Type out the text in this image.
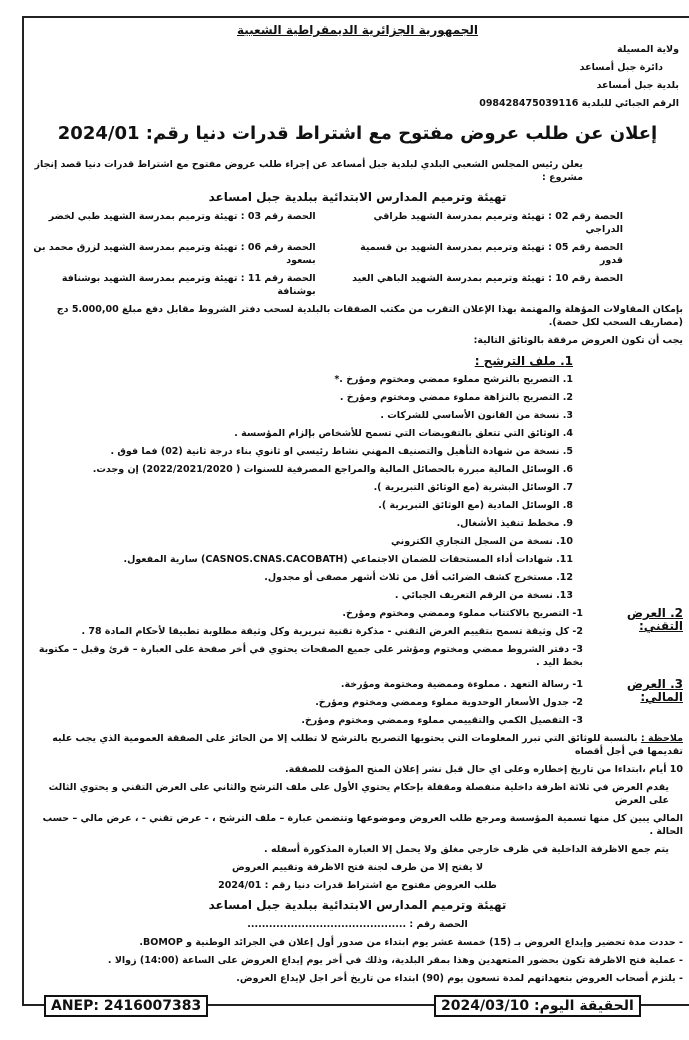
الجمهورية الجزائرية الديمقراطية الشعبية
ولاية المسيلة
دائرة جبل أمساعد
بلدية جبل أمساعد
الرقم الجبائي للبلدية 098428475039116
إعلان عن طلب عروض مفتوح مع اشتراط قدرات دنيا رقم: 2024/01
يعلن رئيس المجلس الشعبي البلدي لبلدية جبل أمساعد عن إجراء طلب عروض مفتوح مع اشتراط قدرات دنيا قصد إنجاز مشروع :
تهيئة وترميم المدارس الابتدائية ببلدية جبل امساعد
الحصة رقم 02 : تهيئة وترميم بمدرسة الشهيد طراقي الدراجي
الحصة رقم 03 : تهيئة وترميم بمدرسة الشهيد طبي لخضر
الحصة رقم 05 : تهيئة وترميم بمدرسة الشهيد بن قسمية قدور
الحصة رقم 06 : تهيئة وترميم بمدرسة الشهيد لزرق محمد بن بسعود
الحصة رقم 10 : تهيئة وترميم بمدرسة الشهيد الباهي العيد
الحصة رقم 11 : تهيئة وترميم بمدرسة الشهيد بوشنافة بوشنافة
بإمكان المقاولات المؤهلة والمهتمة بهذا الإعلان التقرب من مكتب الصفقات بالبلدية لسحب دفتر الشروط مقابل دفع مبلغ 5.000,00 دج (مصاريف السحب لكل حصة).
يجب أن تكون العروض مرفقة بالوثائق التالية:
1. ملف الترشح :
1. التصريح بالترشح مملوء ممضي ومختوم ومؤرخ .*
2. التصريح بالنزاهة مملوء ممضي ومختوم ومؤرخ .
3. نسخة من القانون الأساسي للشركات .
4. الوثائق التي تتعلق بالتفويضات التي تسمح للأشخاص بإلزام المؤسسة .
5. نسخة من شهادة التأهيل والتصنيف المهني نشاط رئيسي او ثانوي بناء درجة ثانية (02) فما فوق .
6. الوسائل المالية مبررة بالحصائل المالية والمراجع المصرفية للسنوات ( 2022/2021/2020) إن وجدت.
7. الوسائل البشرية (مع الوثائق التبريرية ).
8. الوسائل المادية (مع الوثائق التبريرية ).
9. مخطط تنفيذ الأشغال.
10. نسخة من السجل التجاري الكتروني
11. شهادات أداء المستحقات للضمان الاجتماعي (CASNOS.CNAS.CACOBATH) سارية المفعول.
12. مستخرج كشف الضرائب أقل من ثلاث أشهر مصفى أو مجدول.
13. نسخة من الرقم التعريف الجبائي .
2. العرض التقني:
1- التصريح بالاكتتاب مملوء وممضي ومختوم ومؤرخ.
2- كل وثيقة تسمح بتقييم العرض التقني - مذكرة تقنية تبريرية وكل وثيقة مطلوبة تطبيقا لأحكام المادة 78 .
3- دفتر الشروط ممضي ومختوم ومؤشر على جميع الصفحات يحتوي في أخر صفحة على العبارة – قرئ وقبل – مكتوبة بخط اليد .
3. العرض المالي:
1- رسالة التعهد . مملوءة وممضية ومختومة ومؤرخة.
2- جدول الأسعار الوحدوية مملوء وممضي ومختوم ومؤرخ.
3- التفصيل الكمي والتقييمي مملوء وممضي ومختوم ومؤرخ.
ملاحظة : بالنسبة للوثائق التي تبرر المعلومات التي يحتويها التصريح بالترشح لا تطلب إلا من الحائز على الصفقة العمومية الذي يجب عليه تقديمها في أجل أقصاه
10 أيام ،ابتداءا من تاريخ إخطاره وعلى اي حال قبل نشر إعلان المنح المؤقت للصفقة.
يقدم العرض في ثلاثة اظرفة داخلية منفصلة ومقفلة بإحكام يحتوي الأول على ملف الترشح والثاني على العرض التقني و يحتوي الثالث على العرض
المالي يبين كل منها تسمية المؤسسة ومرجع طلب العروض وموضوعها وتتضمن عبارة – ملف الترشح ، - عرض تقني - ، عرض مالي – حسب الحالة .
يتم جمع الاظرفة الداخلية في ظرف خارجي مغلق ولا يحمل إلا العبارة المذكورة أسفله .
لا يفتح إلا من طرف لجنة فتح الاظرفة وتقييم العروض
طلب العروض مفتوح مع اشتراط قدرات دنيا رقم : 2024/01
تهيئة وترميم المدارس الابتدائية ببلدية جبل امساعد
الحصة رقم : ............................................
- حددت مدة تحضير وإيداع العروض بـ (15) خمسة عشر يوم ابتداء من صدور أول إعلان في الجرائد الوطنية و BOMOP.
- عملية فتح الاظرفة تكون بحضور المتعهدين وهذا بمقر البلدية، وذلك في أخر يوم إيداع العروض على الساعة (14:00) زوالا .
- يلتزم أصحاب العروض بتعهداتهم لمدة تسعون يوم (90) ابتداء من تاريخ أخر اجل لإيداع العروض.
ANEP: 2416007383	الحقيقة اليوم: 2024/03/10
